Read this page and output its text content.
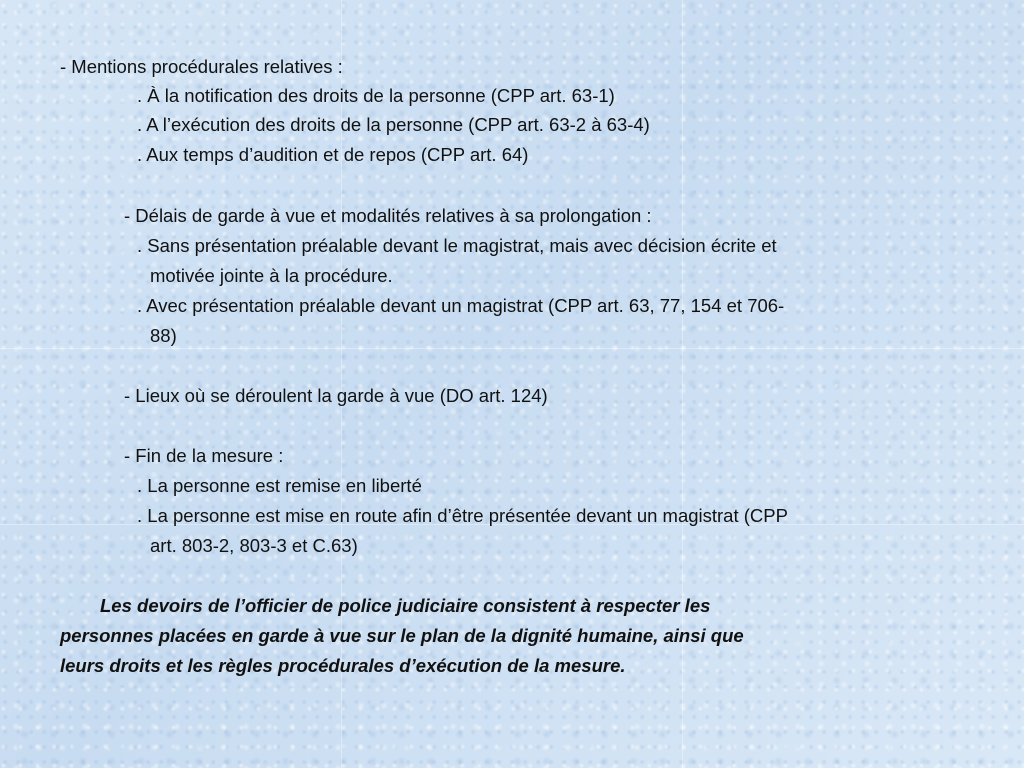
- Mentions procédurales relatives :
. À la notification des droits de la personne (CPP art. 63-1)
. A l’exécution des droits de la personne (CPP art. 63-2 à 63-4)
. Aux temps d’audition et de repos (CPP art. 64)
- Délais de garde à vue et modalités relatives à sa prolongation :
. Sans présentation préalable devant le magistrat, mais avec décision écrite et
motivée jointe à la procédure.
. Avec présentation préalable devant un magistrat (CPP art. 63, 77, 154 et 706-
88)
- Lieux où se déroulent la garde à vue (DO art. 124)
- Fin de la mesure :
. La personne est remise en liberté
. La personne est mise en route afin d’être présentée devant un magistrat (CPP
art. 803-2, 803-3 et C.63)
Les devoirs de l’officier de police judiciaire consistent à respecter les
personnes placées en garde à vue sur le plan de la dignité humaine, ainsi que
leurs droits et les règles procédurales d’exécution de la mesure.
